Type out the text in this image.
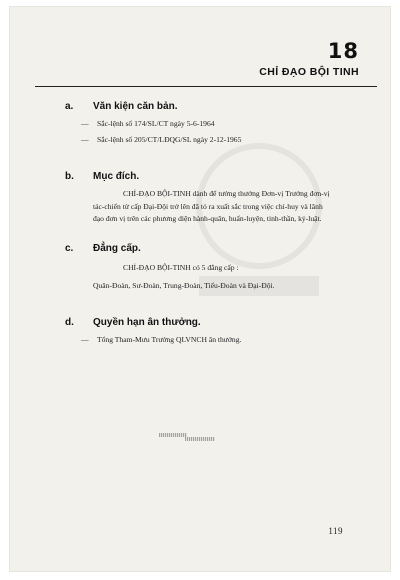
18
CHỈ ĐẠO BỘI TINH
a. Văn kiện căn bản.
— Sắc-lệnh số 174/SL/CT ngày 5-6-1964
— Sắc-lệnh số 205/CT/LĐQG/SL ngày 2-12-1965
b. Mục đích.
CHỈ-ĐẠO BỘI-TINH dành để tưởng thưởng Đơn-vị Trưởng đơn-vị
tác-chiến từ cấp Đại-Đội trở lên đã tỏ ra xuất sắc trong việc chỉ-huy và lãnh
đạo đơn vị trên các phương diện hành-quân, huấn-luyện, tinh-thần, kỷ-luật.
c. Đẳng cấp.
CHỈ-ĐẠO BỘI-TINH có 5 đẳng cấp :
Quân-Đoàn, Sư-Đoàn, Trung-Đoàn, Tiểu-Đoàn và Đại-Đội.
d. Quyền hạn ân thưởng.
— Tổng Tham-Mưu Trưởng QLVNCH ân thưởng.
119
